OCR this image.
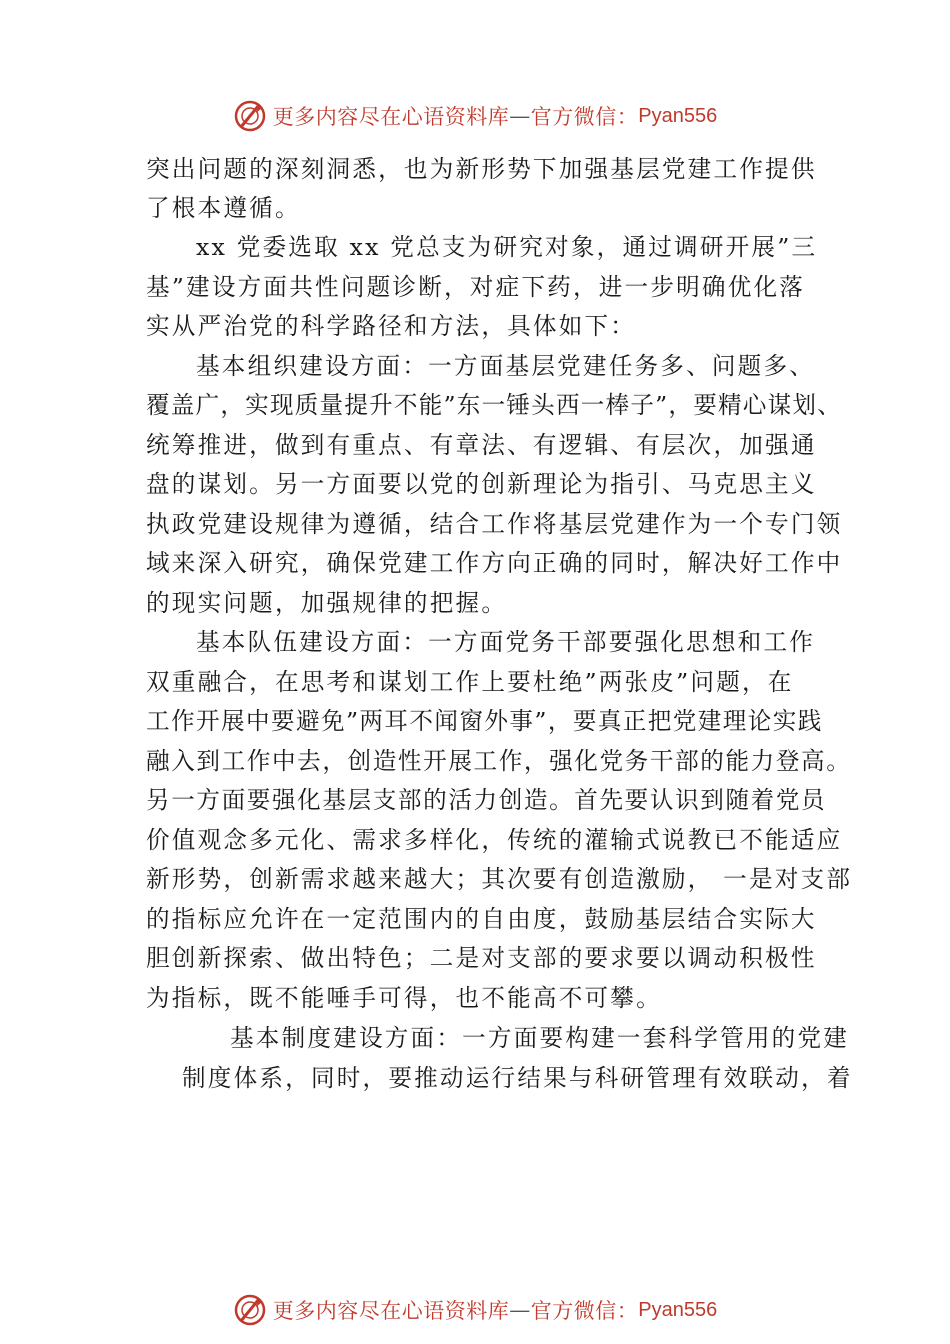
更多内容尽在心语资料库 — 官方微信： Pyan556
突出问题的深刻洞悉，也为新形势下加强基层党建工作提供
了根本遵循。
xx 党委选取 xx 党总支为研究对象，通过调研开展”三
基”建设方面共性问题诊断，对症下药，进一步明确优化落
实从严治党的科学路径和方法，具体如下：
基本组织建设方面：一方面基层党建任务多、问题多、
覆盖广，实现质量提升不能”东一锤头西一棒子”，要精心谋划、
统筹推进，做到有重点、有章法、有逻辑、有层次，加强通
盘的谋划。另一方面要以党的创新理论为指引、马克思主义
执政党建设规律为遵循，结合工作将基层党建作为一个专门领
域来深入研究，确保党建工作方向正确的同时，解决好工作中
的现实问题，加强规律的把握。
基本队伍建设方面：一方面党务干部要强化思想和工作
双重融合，在思考和谋划工作上要杜绝”两张皮”问题，在
工作开展中要避免”两耳不闻窗外事”，要真正把党建理论实践
融入到工作中去，创造性开展工作，强化党务干部的能力登高。
另一方面要强化基层支部的活力创造。首先要认识到随着党员
价值观念多元化、需求多样化，传统的灌输式说教已不能适应
新形势，创新需求越来越大；其次要有创造激励， 一是对支部
的指标应允许在一定范围内的自由度，鼓励基层结合实际大
胆创新探索、做出特色；二是对支部的要求要以调动积极性
为指标，既不能唾手可得，也不能高不可攀。
基本制度建设方面：一方面要构建一套科学管用的党建
制度体系，同时，要推动运行结果与科研管理有效联动，着
更多内容尽在心语资料库 — 官方微信： Pyan556
